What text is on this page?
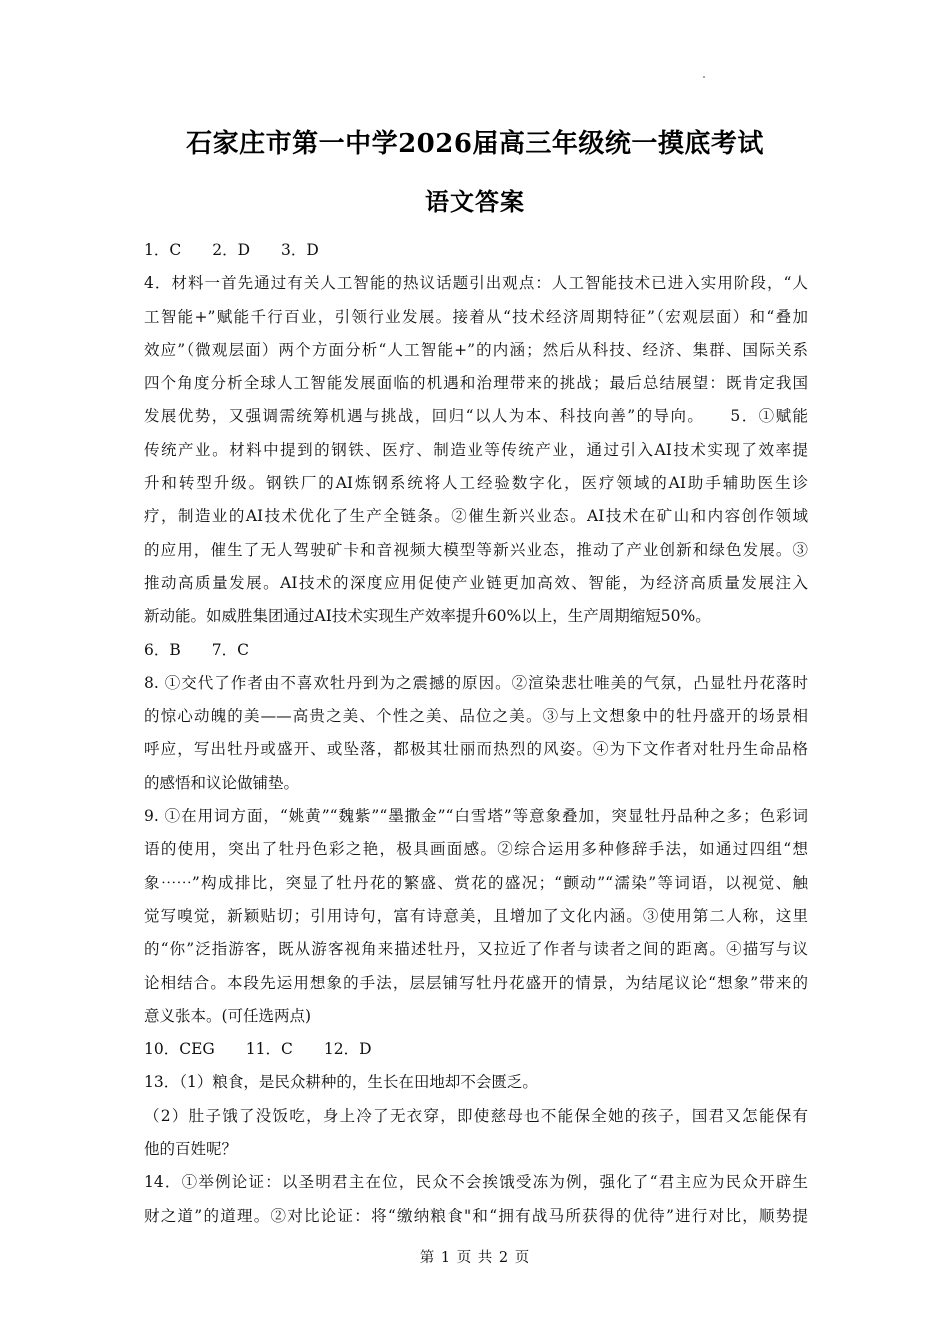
石家庄市第一中学2026届高三年级统一摸底考试
语文答案
1．C　　2．D　　3．D
4．材料一首先通过有关人工智能的热议话题引出观点：人工智能技术已进入实用阶段，“人
工智能+”赋能千行百业，引领行业发展。接着从“技术经济周期特征”（宏观层面）和“叠加
效应”（微观层面）两个方面分析“人工智能+”的内涵；然后从科技、经济、集群、国际关系
四个角度分析全球人工智能发展面临的机遇和治理带来的挑战；最后总结展望：既肯定我国
发展优势，又强调需统筹机遇与挑战，回归“以人为本、科技向善”的导向。　　5．①赋能
传统产业。材料中提到的钢铁、医疗、制造业等传统产业，通过引入AI技术实现了效率提
升和转型升级。钢铁厂的AI炼钢系统将人工经验数字化，医疗领域的AI助手辅助医生诊
疗，制造业的AI技术优化了生产全链条。②催生新兴业态。AI技术在矿山和内容创作领域
的应用，催生了无人驾驶矿卡和音视频大模型等新兴业态，推动了产业创新和绿色发展。③
推动高质量发展。AI技术的深度应用促使产业链更加高效、智能，为经济高质量发展注入
新动能。如威胜集团通过AI技术实现生产效率提升60%以上，生产周期缩短50%。
6．B　　7．C
8. ①交代了作者由不喜欢牡丹到为之震撼的原因。②渲染悲壮唯美的气氛，凸显牡丹花落时
的惊心动魄的美——高贵之美、个性之美、品位之美。③与上文想象中的牡丹盛开的场景相
呼应，写出牡丹或盛开、或坠落，都极其壮丽而热烈的风姿。④为下文作者对牡丹生命品格
的感悟和议论做铺垫。
9. ①在用词方面，“姚黄”“魏紫”“墨撒金”“白雪塔”等意象叠加，突显牡丹品种之多；色彩词
语的使用，突出了牡丹色彩之艳，极具画面感。②综合运用多种修辞手法，如通过四组“想
象⋯⋯”构成排比，突显了牡丹花的繁盛、赏花的盛况；“颤动”“濡染”等词语，以视觉、触
觉写嗅觉，新颖贴切；引用诗句，富有诗意美，且增加了文化内涵。③使用第二人称，这里
的“你”泛指游客，既从游客视角来描述牡丹，又拉近了作者与读者之间的距离。④描写与议
论相结合。本段先运用想象的手法，层层铺写牡丹花盛开的情景，为结尾议论“想象”带来的
意义张本。(可任选两点)
10．CEG　　11．C　　12．D
13．（1）粮食，是民众耕种的，生长在田地却不会匮乏。
（2）肚子饿了没饭吃，身上冷了无衣穿，即使慈母也不能保全她的孩子，国君又怎能保有
他的百姓呢？
14．①举例论证：以圣明君主在位，民众不会挨饿受冻为例，强化了“君主应为民众开辟生
财之道”的道理。②对比论证：将“缴纳粮食"和“拥有战马所获得的优待”进行对比，顺势提
第 1 页 共 2 页
